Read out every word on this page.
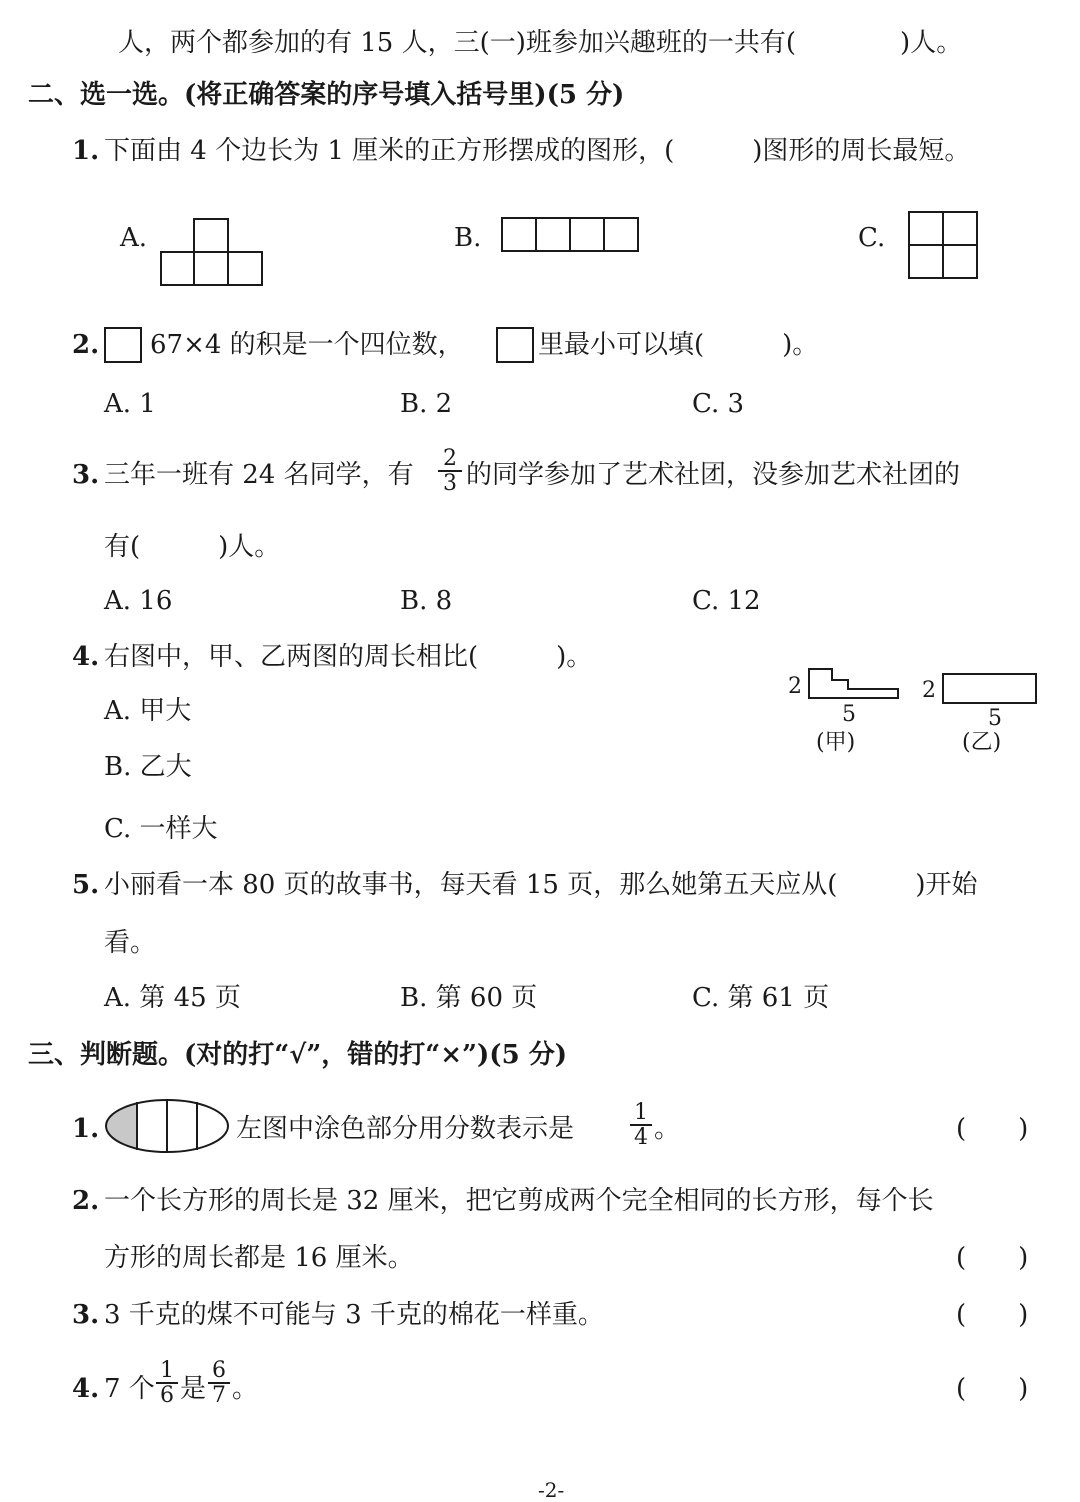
人，两个都参加的有 15 人，三(一)班参加兴趣班的一共有(　　　　)人。
二、选一选。(将正确答案的序号填入括号里)(5 分)
1. 下面由 4 个边长为 1 厘米的正方形摆成的图形，(　　　)图形的周长最短。
A.	B.	C.
2. 67×4 的积是一个四位数，	里最小可以填(　　　)。
A. 1	B. 2	C. 3
3. 三年一班有 24 名同学，有 $\frac{2}{3}$ 的同学参加了艺术社团，没参加艺术社团的
有(　　　)人。
A. 16	B. 8	C. 12
4. 右图中，甲、乙两图的周长相比(　　　)。
A. 甲大
B. 乙大
C. 一样大
2
5
(甲)
2
5
(乙)
5. 小丽看一本 80 页的故事书，每天看 15 页，那么她第五天应从(　　　)开始
看。
A. 第 45 页	B. 第 60 页	C. 第 61 页
三、判断题。(对的打“√”，错的打“×”)(5 分)
1.	左图中涂色部分用分数表示是	$\frac{1}{4}$ 。	(　　)
2. 一个长方形的周长是 32 厘米，把它剪成两个完全相同的长方形，每个长
方形的周长都是 16 厘米。	(　　)
3. 3 千克的煤不可能与 3 千克的棉花一样重。	(　　)
4. 7 个 $\frac{1}{6}$ 是 $\frac{6}{7}$ 。	(　　)
-2-
